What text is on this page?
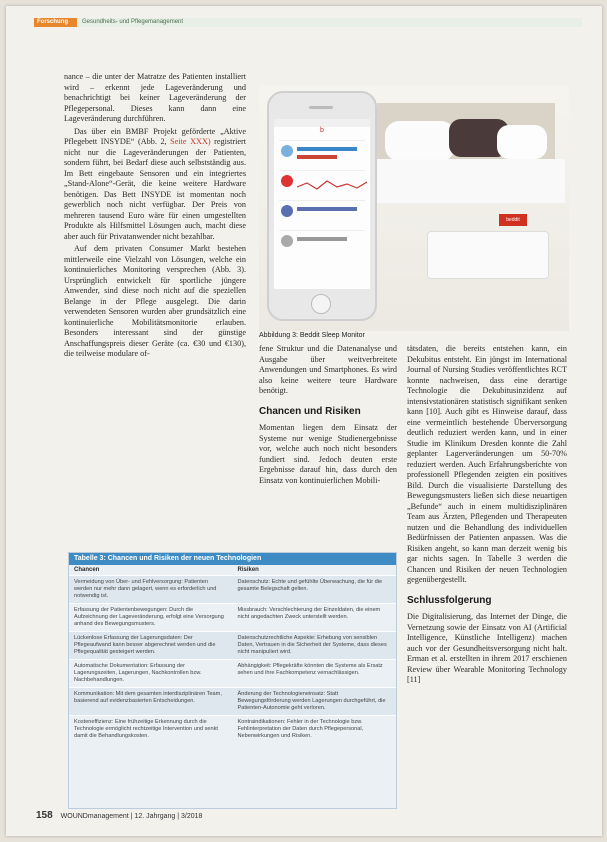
Forschung	Gesundheits- und Pflegemanagement

nance – die unter der Matratze des Patienten installiert wird – erkennt jede Lageveränderung und benachrichtigt bei keiner Lageveränderung der Pflegepersonal. Dieses kann dann eine Lageveränderung durchführen.

Das über ein BMBF Projekt geförderte „Aktive Pflegebett INSYDE“ (Abb. 2, Seite XXX) registriert nicht nur die Lageveränderungen der Patienten, sondern führt, bei Bedarf diese auch selbstständig aus. Im Bett eingebaute Sensoren und ein integriertes „Stand-Alone“-Gerät, die keine weitere Hardware benötigen. Das Bett INSYDE ist momentan noch gewerblich noch nicht verfügbar. Der Preis von mehreren tausend Euro wäre für einen umgestellten Produkte als Hilfsmittel Lösungen auch, macht diese aber auch für Privatanwender nicht bezahlbar.

Auf dem privaten Consumer Markt bestehen mittlerweile eine Vielzahl von Lösungen, welche ein kontinuierliches Monitoring versprechen (Abb. 3). Ursprünglich entwickelt für sportliche jüngere Anwender, sind diese noch nicht auf die speziellen Belange in der Pflege ausgelegt. Die darin verwendeten Sensoren wurden aber grundsätzlich eine kontinuierliche Mobilitätsmonitorie erlauben. Besonders interessant sind der günstige Anschaffungspreis dieser Geräte (ca. €30 und €130), die teilweise modulare of-

beddit
b
Abbildung 3: Beddit Sleep Monitor

fene Struktur und die Datenanalyse und Ausgabe über weitverbreitete Anwendungen und Smartphones. Es wird also keine weitere teure Hardware benötigt.

Chancen und Risiken

Momentan liegen dem Einsatz der Systeme nur wenige Studienergebnisse vor, welche auch noch nicht besonders fundiert sind. Jedoch deuten erste Ergebnisse darauf hin, dass durch den Einsatz von kontinuierlichen Mobili-

tätsdaten, die bereits entstehen kann, ein Dekubitus entsteht. Ein jüngst im International Journal of Nursing Studies veröffentlichtes RCT konnte nachweisen, dass eine derartige Technologie die Dekubitusinzidenz auf intensivstationären statistisch signifikant senken kann [10]. Auch gibt es Hinweise darauf, dass eine vermeintlich bestehende Überversorgung deutlich reduziert werden kann, und in einer Studie im Klinikum Dresden konnte die Zahl geplanter Lagerveränderungen um 50-70% reduziert werden. Auch Erfahrungsberichte von professionell Pflegenden zeigten ein positives Bild. Durch die visualisierte Darstellung des Bewegungsmusters ließen sich diese neuartigen „Befunde“ auch in einem multidisziplinären Team aus Ärzten, Pflegenden und Therapeuten nutzen und die Behandlung des individuellen Bedürfnissen der Patienten anpassen. Was die Risiken angeht, so kann man derzeit wenig bis gar nichts sagen. In Tabelle 3 werden die Chancen und Risiken der neuen Technologien gegenübergestellt.

Schlussfolgerung

Die Digitalisierung, das Internet der Dinge, die Vernetzung sowie der Einsatz von AI (Artificial Intelligence, Künstliche Intelligenz) machen auch vor der Gesundheitsversorgung nicht halt. Erman et al. erstellten in ihrem 2017 erschienen Review über Wearable Monitoring Technology [11]

Tabelle 3: Chancen und Risiken der neuen Technologien
Chancen	Risiken
Vermeidung von Über- und Fehlversorgung: Patienten werden nur mehr dann gelagert, wenn es erforderlich und notwendig ist.
Datenschutz: Echte und gefühlte Überwachung, die für die gesamte Belegschaft gelten.
Erfassung der Patientenbewegungen: Durch die Aufzeichnung der Lageveränderung, erfolgt eine Versorgung anhand des Bewegungsmusters.
Missbrauch: Verschlechterung der Einzeldaten, die einem nicht angedachten Zweck unterstellt werden.
Lückenlose Erfassung der Lagerungsdaten: Der Pflegeaufwand kann besser abgerechnet werden und die Pflegequalität gesteigert werden.
Datenschutzrechtliche Aspekte: Erhebung von sensiblen Daten, Vertrauen in die Sicherheit der Systeme, dass dieses nicht manipuliert wird.
Automatische Dokumentation: Erfassung der Lagerungszeiten, Lagerungen, Nachkontrollen bzw. Nachbehandlungen.
Abhängigkeit: Pflegekräfte könnten die Systeme als Ersatz sehen und ihre Fachkompetenz vernachlässigen.
Kommunikation: Mit dem gesamten interdisziplinären Team, basierend auf evidenzbasierten Entscheidungen.
Änderung der Technologieneinsatz: Statt Bewegungsförderung werden Lagerungen durchgeführt, die Patienten-Autonomie geht verloren.
Kosteneffizienz: Eine frühzeitige Erkennung durch die Technologie ermöglicht rechtzeitige Intervention und senkt damit die Behandlungskosten.
Kontraindikationen: Fehler in der Technologie bzw. Fehlinterpretation der Daten durch Pflegepersonal, Nebenwirkungen und Risiken.
158 WOUNDmanagement | 12. Jahrgang | 3/2018
